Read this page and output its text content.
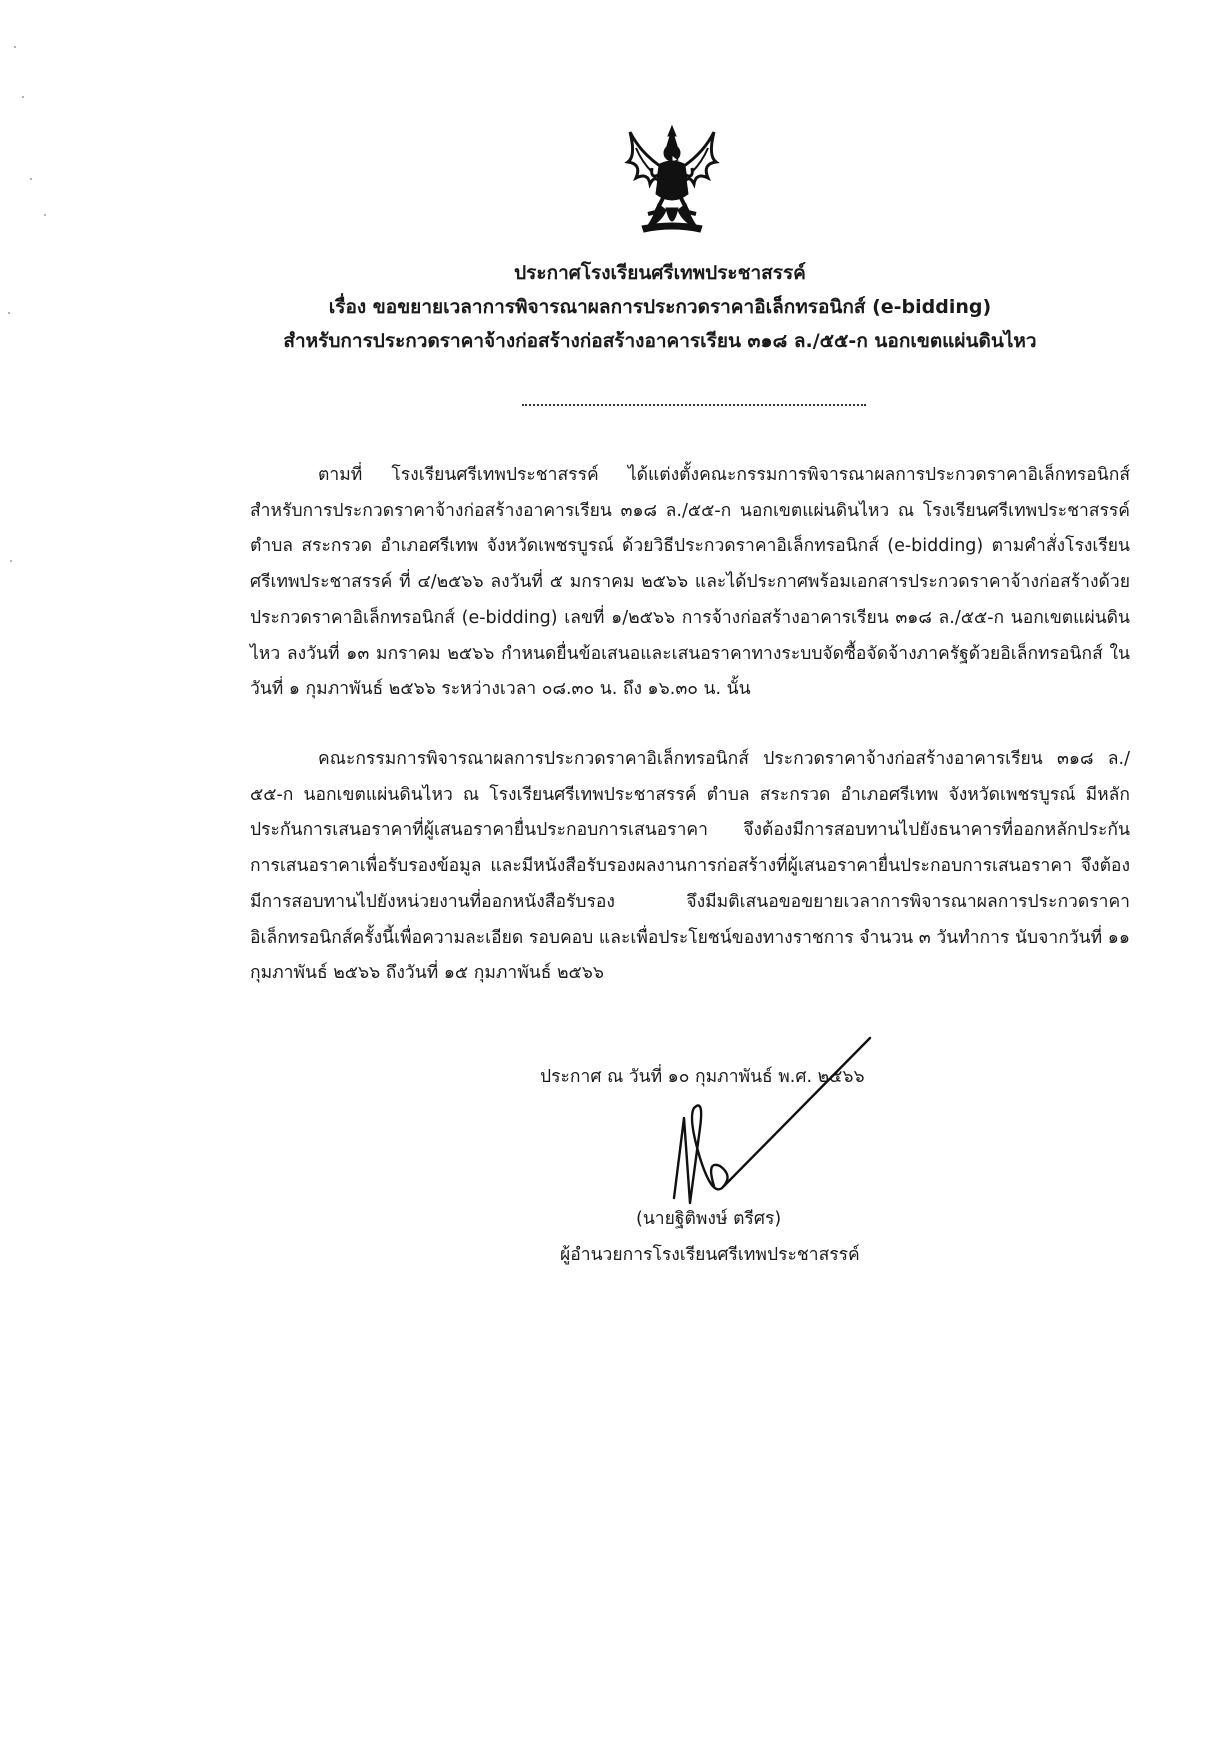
ประกาศโรงเรียนศรีเทพประชาสรรค์
เรื่อง ขอขยายเวลาการพิจารณาผลการประกวดราคาอิเล็กทรอนิกส์ (e-bidding)
สำหรับการประกวดราคาจ้างก่อสร้างก่อสร้างอาคารเรียน ๓๑๘ ล./๕๕-ก นอกเขตแผ่นดินไหว

ตามที่ โรงเรียนศรีเทพประชาสรรค์ ได้แต่งตั้งคณะกรรมการพิจารณาผลการประกวดราคาอิเล็กทรอนิกส์ สำหรับการประกวดราคาจ้างก่อสร้างอาคารเรียน ๓๑๘ ล./๕๕-ก นอกเขตแผ่นดินไหว ณ โรงเรียนศรีเทพประชาสรรค์ ตำบล สระกรวด อำเภอศรีเทพ จังหวัดเพชรบูรณ์ ด้วยวิธีประกวดราคาอิเล็กทรอนิกส์ (e-bidding) ตามคำสั่งโรงเรียนศรีเทพประชาสรรค์ ที่ ๔/๒๕๖๖ ลงวันที่ ๕ มกราคม ๒๕๖๖ และได้ประกาศพร้อมเอกสารประกวดราคาจ้างก่อสร้างด้วยประกวดราคาอิเล็กทรอนิกส์ (e-bidding) เลขที่ ๑/๒๕๖๖ การจ้างก่อสร้างอาคารเรียน ๓๑๘ ล./๕๕-ก นอกเขตแผ่นดินไหว ลงวันที่ ๑๓ มกราคม ๒๕๖๖ กำหนดยื่นข้อเสนอและเสนอราคาทางระบบจัดซื้อจัดจ้างภาครัฐด้วยอิเล็กทรอนิกส์ ในวันที่ ๑ กุมภาพันธ์ ๒๕๖๖ ระหว่างเวลา ๐๘.๓๐ น. ถึง ๑๖.๓๐ น. นั้น

คณะกรรมการพิจารณาผลการประกวดราคาอิเล็กทรอนิกส์ ประกวดราคาจ้างก่อสร้างอาคารเรียน ๓๑๘ ล./๕๕-ก นอกเขตแผ่นดินไหว ณ โรงเรียนศรีเทพประชาสรรค์ ตำบล สระกรวด อำเภอศรีเทพ จังหวัดเพชรบูรณ์ มีหลักประกันการเสนอราคาที่ผู้เสนอราคายื่นประกอบการเสนอราคา จึงต้องมีการสอบทานไปยังธนาคารที่ออกหลักประกันการเสนอราคาเพื่อรับรองข้อมูล และมีหนังสือรับรองผลงานการก่อสร้างที่ผู้เสนอราคายื่นประกอบการเสนอราคา จึงต้องมีการสอบทานไปยังหน่วยงานที่ออกหนังสือรับรอง จึงมีมติเสนอขอขยายเวลาการพิจารณาผลการประกวดราคาอิเล็กทรอนิกส์ครั้งนี้เพื่อความละเอียด รอบคอบ และเพื่อประโยชน์ของทางราชการ จำนวน ๓ วันทำการ นับจากวันที่ ๑๑ กุมภาพันธ์ ๒๕๖๖ ถึงวันที่ ๑๕ กุมภาพันธ์ ๒๕๖๖

ประกาศ ณ วันที่ ๑๐ กุมภาพันธ์ พ.ศ. ๒๕๖๖
(นายฐิติพงษ์ ตรีศร)
ผู้อำนวยการโรงเรียนศรีเทพประชาสรรค์
